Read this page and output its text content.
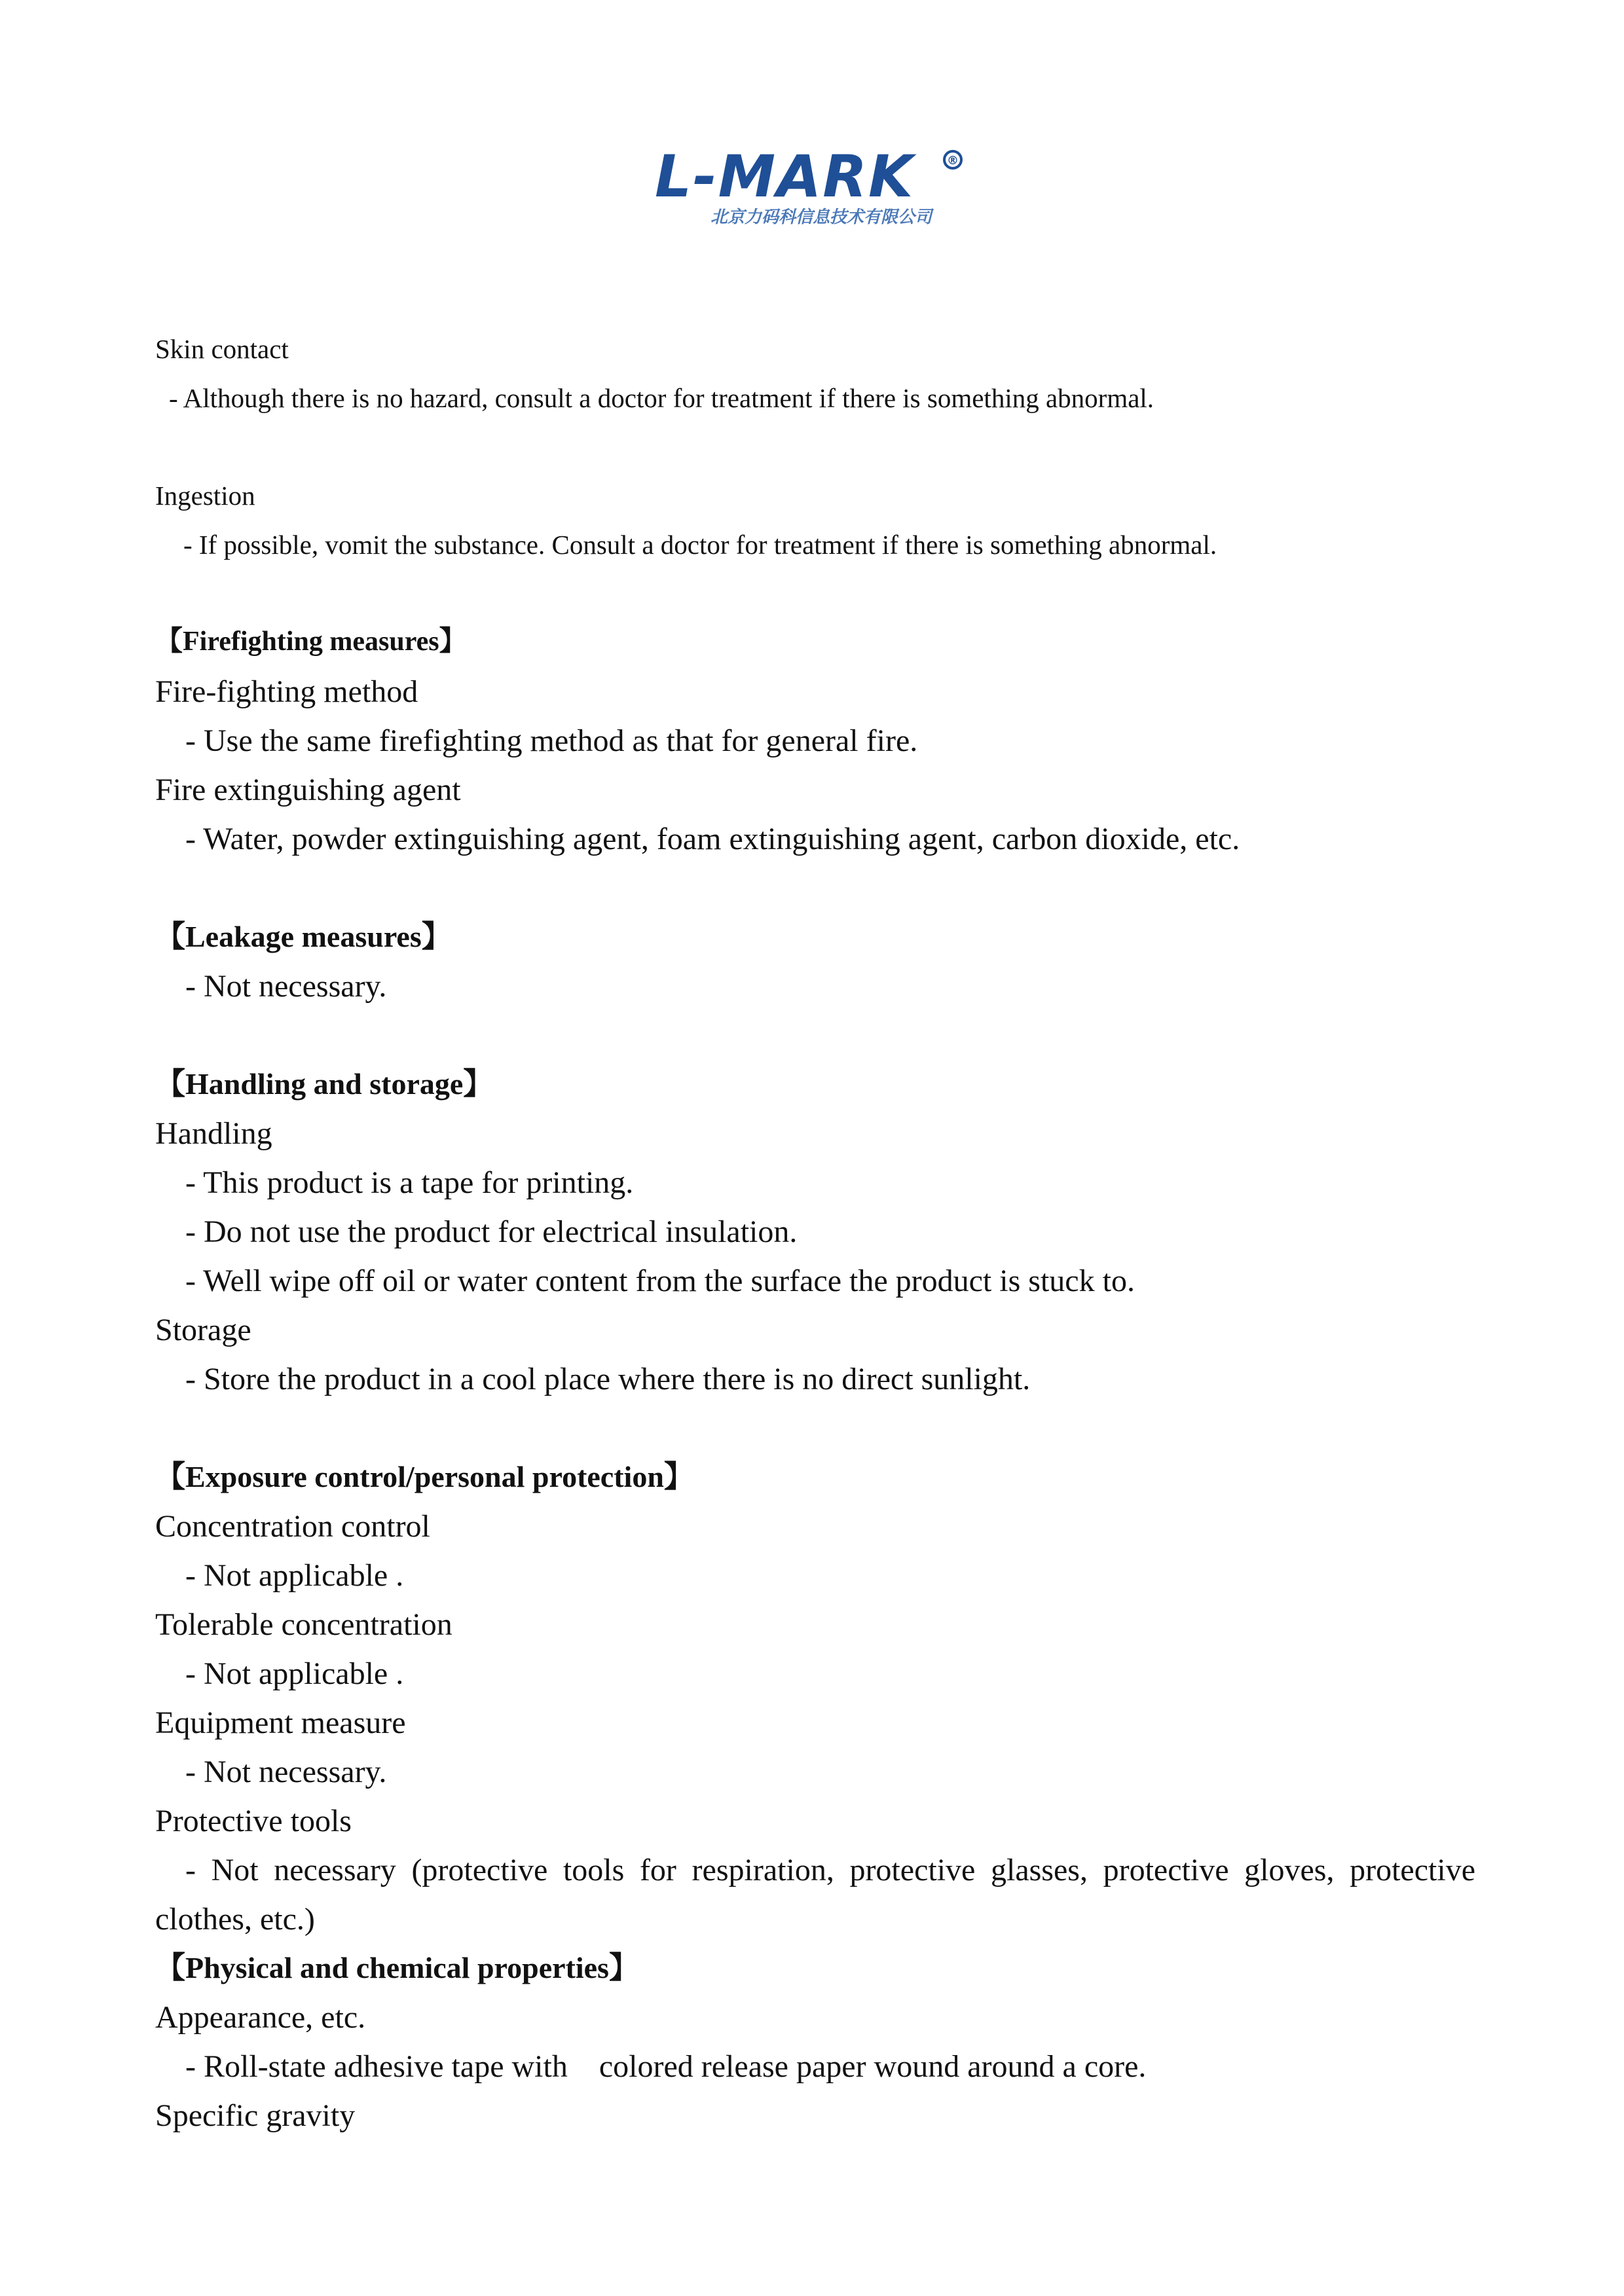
L-MARK	®
北京力码科信息技术有限公司
Skin contact
- Although there is no hazard, consult a doctor for treatment if there is something abnormal.
Ingestion
- If possible, vomit the substance. Consult a doctor for treatment if there is something abnormal.
【Firefighting measures】
Fire-fighting method
- Use the same firefighting method as that for general fire.
Fire extinguishing agent
- Water, powder extinguishing agent, foam extinguishing agent, carbon dioxide, etc.
【Leakage measures】
- Not necessary.
【Handling and storage】
Handling
- This product is a tape for printing.
- Do not use the product for electrical insulation.
- Well wipe off oil or water content from the surface the product is stuck to.
Storage
- Store the product in a cool place where there is no direct sunlight.
【Exposure control/personal protection】
Concentration control
- Not applicable .
Tolerable concentration
- Not applicable .
Equipment measure
- Not necessary.
Protective tools
- Not necessary (protective tools for respiration, protective glasses, protective gloves, protective
clothes, etc.)
【Physical and chemical properties】
Appearance, etc.
- Roll-state adhesive tape with    colored release paper wound around a core.
Specific gravity
